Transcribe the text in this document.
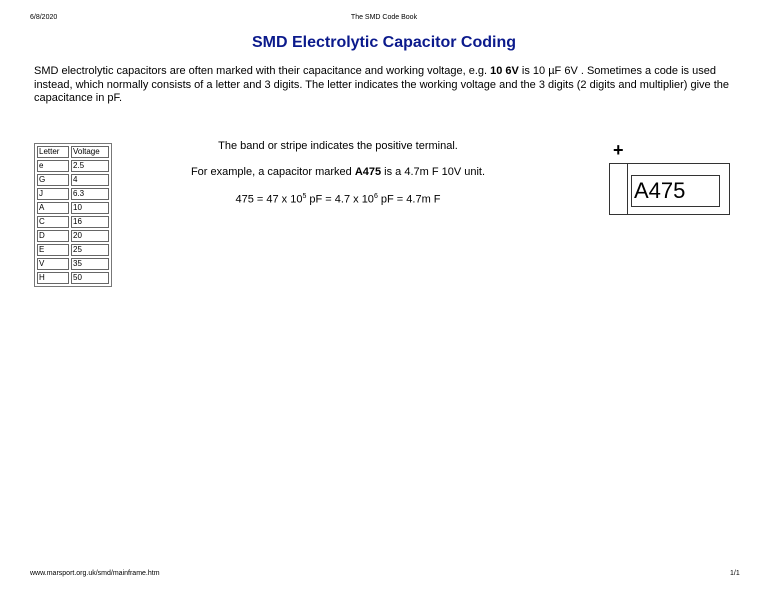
6/8/2020	The SMD Code Book
SMD Electrolytic Capacitor Coding

SMD electrolytic capacitors are often marked with their capacitance and working voltage, e.g. 10 6V is 10 µF 6V . Sometimes a code is used instead, which normally consists of a letter and 3 digits. The letter indicates the working voltage and the 3 digits (2 digits and multiplier) give the capacitance in pF.

Letter	Voltage
e	2.5
G	4
J	6.3
A	10
C	16
D	20
E	25
V	35
H	50

The band or stripe indicates the positive terminal.

For example, a capacitor marked A475 is a 4.7m F 10V unit.

475 = 47 x $10^5$ pF = 4.7 x $10^6$ pF = 4.7m F

+
A475
www.marsport.org.uk/smd/mainframe.htm	1/1
